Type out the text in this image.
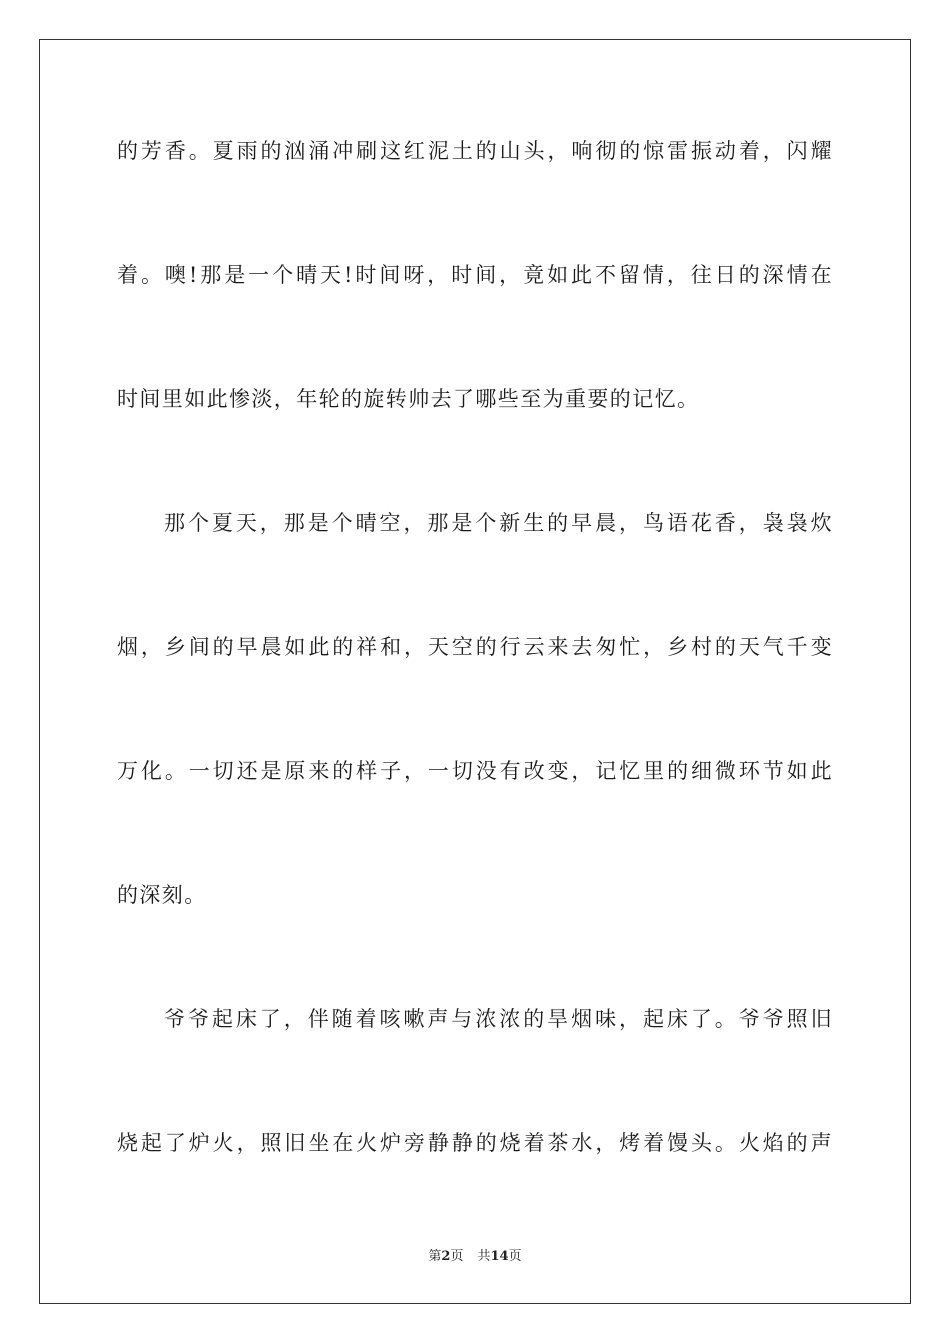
的芳香。夏雨的汹涌冲刷这红泥土的山头，响彻的惊雷振动着，闪耀
着。噢!那是一个晴天!时间呀，时间，竟如此不留情，往日的深情在
时间里如此惨淡，年轮的旋转帅去了哪些至为重要的记忆。
那个夏天，那是个晴空，那是个新生的早晨，鸟语花香，袅袅炊
烟，乡间的早晨如此的祥和，天空的行云来去匆忙，乡村的天气千变
万化。一切还是原来的样子，一切没有改变，记忆里的细微环节如此
的深刻。
爷爷起床了，伴随着咳嗽声与浓浓的旱烟味，起床了。爷爷照旧
烧起了炉火，照旧坐在火炉旁静静的烧着茶水，烤着馒头。火焰的声
第2页 共14页
